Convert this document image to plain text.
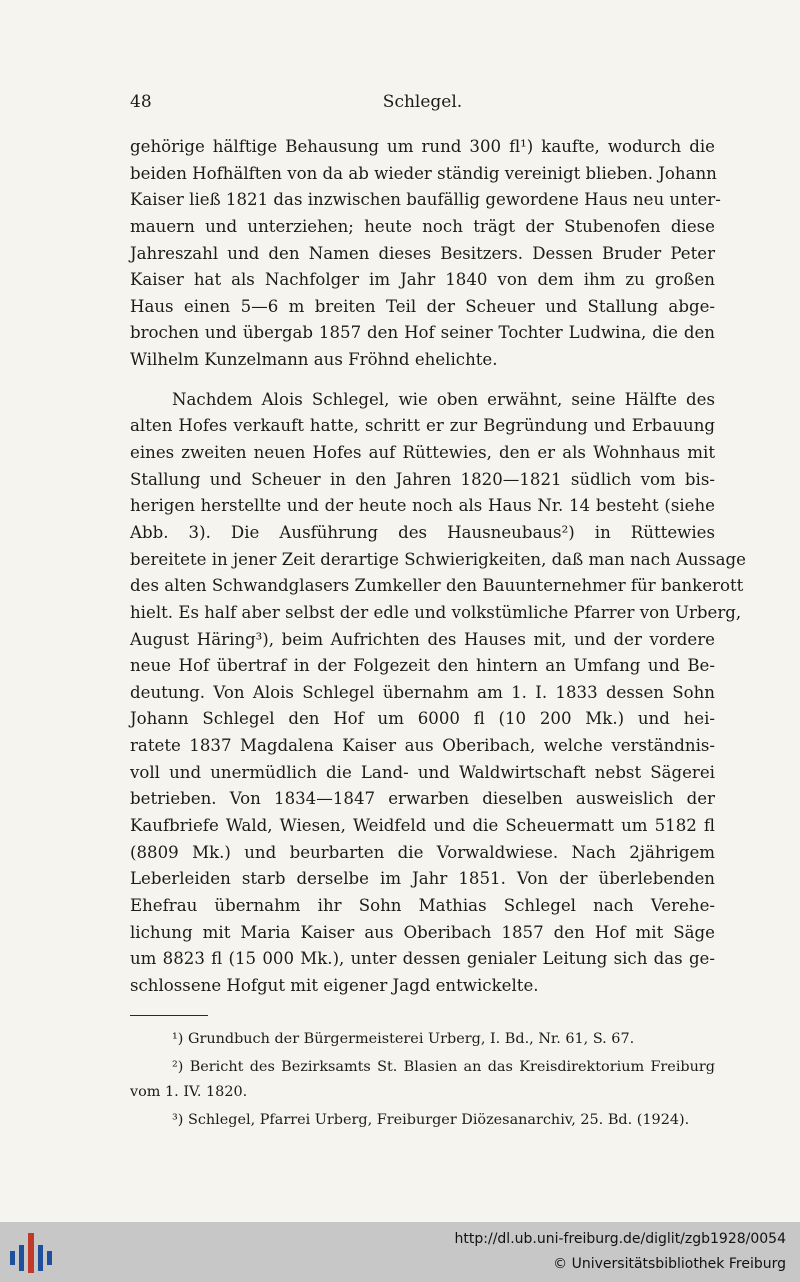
48	Schlegel.
gehörige hälftige Behausung um rund 300 fl¹) kaufte, wodurch die
beiden Hofhälften von da ab wieder ständig vereinigt blieben. Johann
Kaiser ließ 1821 das inzwischen baufällig gewordene Haus neu unter-
mauern und unterziehen; heute noch trägt der Stubenofen diese
Jahreszahl und den Namen dieses Besitzers. Dessen Bruder Peter
Kaiser hat als Nachfolger im Jahr 1840 von dem ihm zu großen
Haus einen 5—6 m breiten Teil der Scheuer und Stallung abge-
brochen und übergab 1857 den Hof seiner Tochter Ludwina, die den
Wilhelm Kunzelmann aus Fröhnd ehelichte.
Nachdem Alois Schlegel, wie oben erwähnt, seine Hälfte des
alten Hofes verkauft hatte, schritt er zur Begründung und Erbauung
eines zweiten neuen Hofes auf Rüttewies, den er als Wohnhaus mit
Stallung und Scheuer in den Jahren 1820—1821 südlich vom bis-
herigen herstellte und der heute noch als Haus Nr. 14 besteht (siehe
Abb. 3). Die Ausführung des Hausneubaus²) in Rüttewies
bereitete in jener Zeit derartige Schwierigkeiten, daß man nach Aussage
des alten Schwandglasers Zumkeller den Bauunternehmer für bankerott
hielt. Es half aber selbst der edle und volkstümliche Pfarrer von Urberg,
August Häring³), beim Aufrichten des Hauses mit, und der vordere
neue Hof übertraf in der Folgezeit den hintern an Umfang und Be-
deutung. Von Alois Schlegel übernahm am 1. I. 1833 dessen Sohn
Johann Schlegel den Hof um 6000 fl (10 200 Mk.) und hei-
ratete 1837 Magdalena Kaiser aus Oberibach, welche verständnis-
voll und unermüdlich die Land- und Waldwirtschaft nebst Sägerei
betrieben. Von 1834—1847 erwarben dieselben ausweislich der
Kaufbriefe Wald, Wiesen, Weidfeld und die Scheuermatt um 5182 fl
(8809 Mk.) und beurbarten die Vorwaldwiese. Nach 2jährigem
Leberleiden starb derselbe im Jahr 1851. Von der überlebenden
Ehefrau übernahm ihr Sohn Mathias Schlegel nach Verehe-
lichung mit Maria Kaiser aus Oberibach 1857 den Hof mit Säge
um 8823 fl (15 000 Mk.), unter dessen genialer Leitung sich das ge-
schlossene Hofgut mit eigener Jagd entwickelte.
¹) Grundbuch der Bürgermeisterei Urberg, I. Bd., Nr. 61, S. 67.
²) Bericht des Bezirksamts St. Blasien an das Kreisdirektorium Freiburg
vom 1. IV. 1820.
³) Schlegel, Pfarrei Urberg, Freiburger Diözesanarchiv, 25. Bd. (1924).
http://dl.ub.uni-freiburg.de/diglit/zgb1928/0054
© Universitätsbibliothek Freiburg
